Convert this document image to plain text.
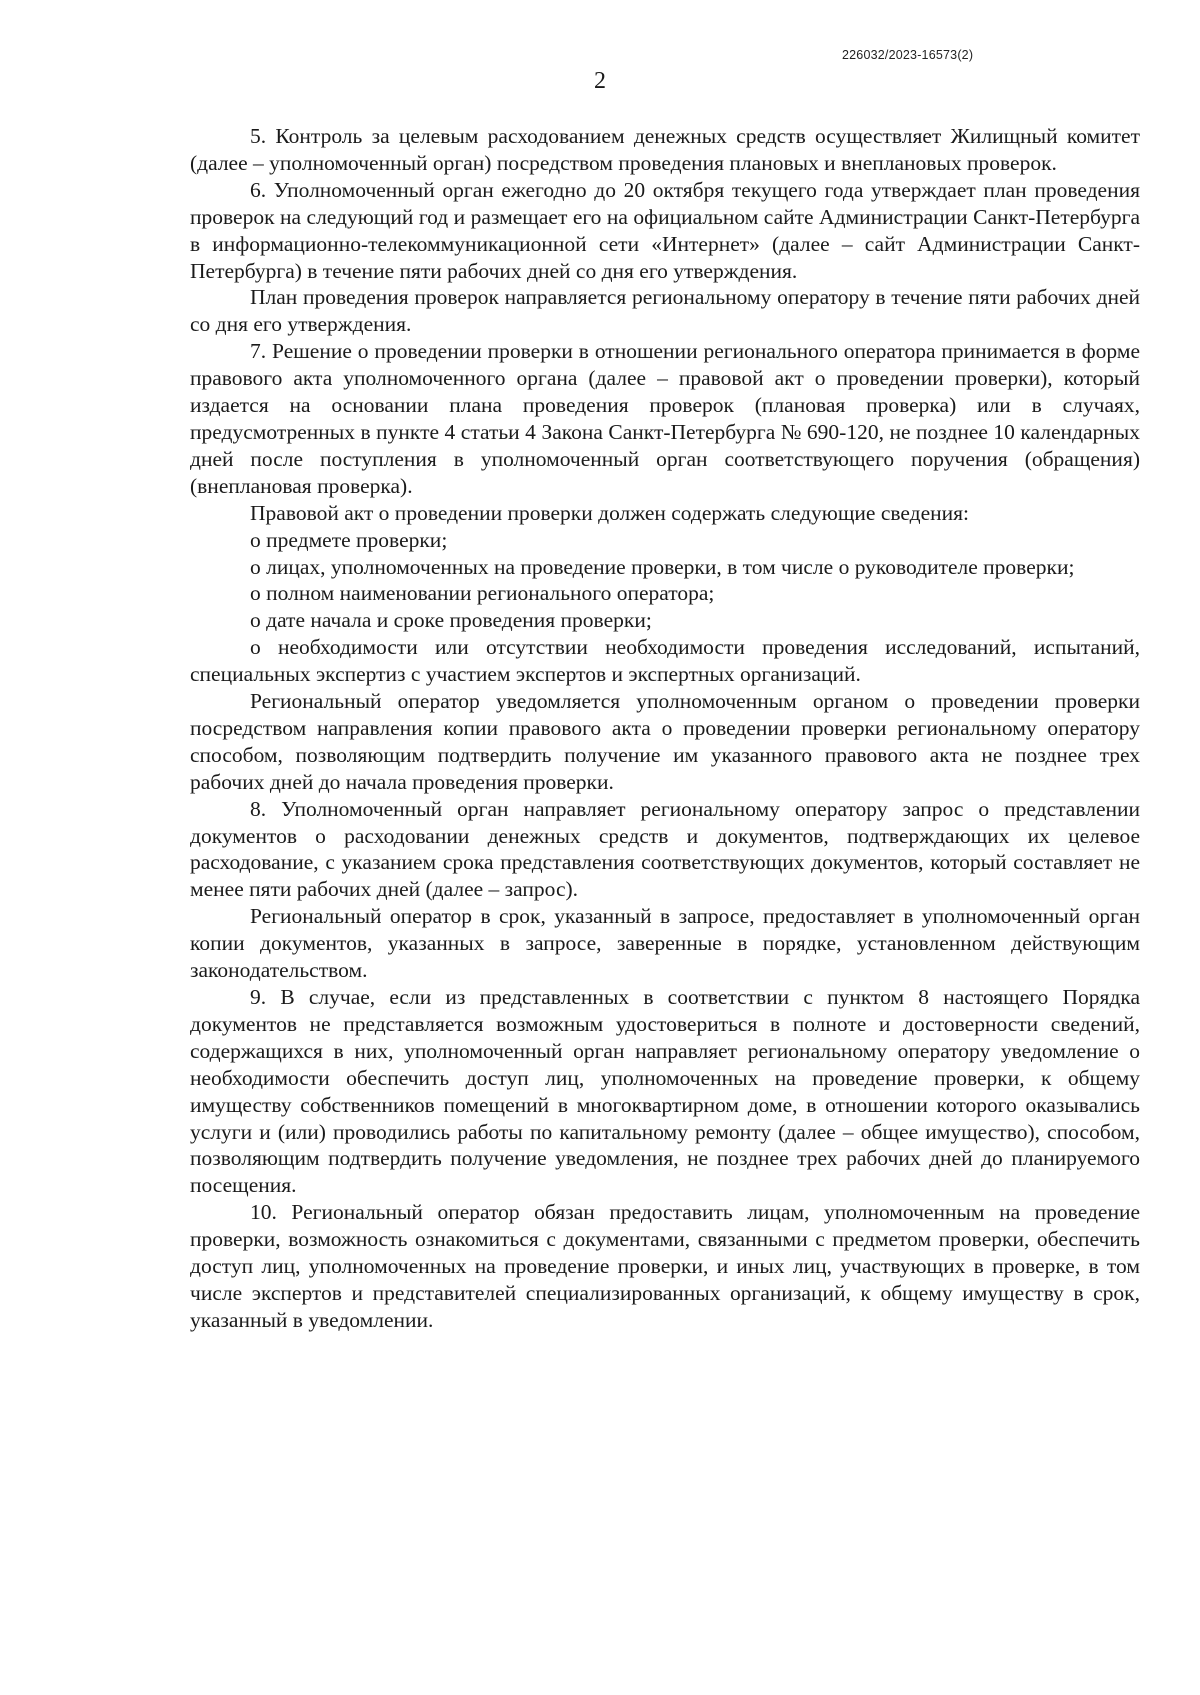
226032/2023-16573(2)
2

5. Контроль за целевым расходованием денежных средств осуществляет Жилищный комитет (далее – уполномоченный орган) посредством проведения плановых и внеплановых проверок.

6. Уполномоченный орган ежегодно до 20 октября текущего года утверждает план проведения проверок на следующий год и размещает его на официальном сайте Администрации Санкт-Петербурга в информационно-телекоммуникационной сети «Интернет» (далее – сайт Администрации Санкт-Петербурга) в течение пяти рабочих дней со дня его утверждения.

План проведения проверок направляется региональному оператору в течение пяти рабочих дней со дня его утверждения.

7. Решение о проведении проверки в отношении регионального оператора принимается в форме правового акта уполномоченного органа (далее – правовой акт о проведении проверки), который издается на основании плана проведения проверок (плановая проверка) или в случаях, предусмотренных в пункте 4 статьи 4 Закона Санкт-Петербурга № 690-120, не позднее 10 календарных дней после поступления в уполномоченный орган соответствующего поручения (обращения) (внеплановая проверка).

Правовой акт о проведении проверки должен содержать следующие сведения:

о предмете проверки;

о лицах, уполномоченных на проведение проверки, в том числе о руководителе проверки;

о полном наименовании регионального оператора;

о дате начала и сроке проведения проверки;

о необходимости или отсутствии необходимости проведения исследований, испытаний, специальных экспертиз с участием экспертов и экспертных организаций.

Региональный оператор уведомляется уполномоченным органом о проведении проверки посредством направления копии правового акта о проведении проверки региональному оператору способом, позволяющим подтвердить получение им указанного правового акта не позднее трех рабочих дней до начала проведения проверки.

8. Уполномоченный орган направляет региональному оператору запрос о представлении документов о расходовании денежных средств и документов, подтверждающих их целевое расходование, с указанием срока представления соответствующих документов, который составляет не менее пяти рабочих дней (далее – запрос).

Региональный оператор в срок, указанный в запросе, предоставляет в уполномоченный орган копии документов, указанных в запросе, заверенные в порядке, установленном действующим законодательством.

9. В случае, если из представленных в соответствии с пунктом 8 настоящего Порядка документов не представляется возможным удостовериться в полноте и достоверности сведений, содержащихся в них, уполномоченный орган направляет региональному оператору уведомление о необходимости обеспечить доступ лиц, уполномоченных на проведение проверки, к общему имуществу собственников помещений в многоквартирном доме, в отношении которого оказывались услуги и (или) проводились работы по капитальному ремонту (далее – общее имущество), способом, позволяющим подтвердить получение уведомления, не позднее трех рабочих дней до планируемого посещения.

10. Региональный оператор обязан предоставить лицам, уполномоченным на проведение проверки, возможность ознакомиться с документами, связанными с предметом проверки, обеспечить доступ лиц, уполномоченных на проведение проверки, и иных лиц, участвующих в проверке, в том числе экспертов и представителей специализированных организаций, к общему имуществу в срок, указанный в уведомлении.
